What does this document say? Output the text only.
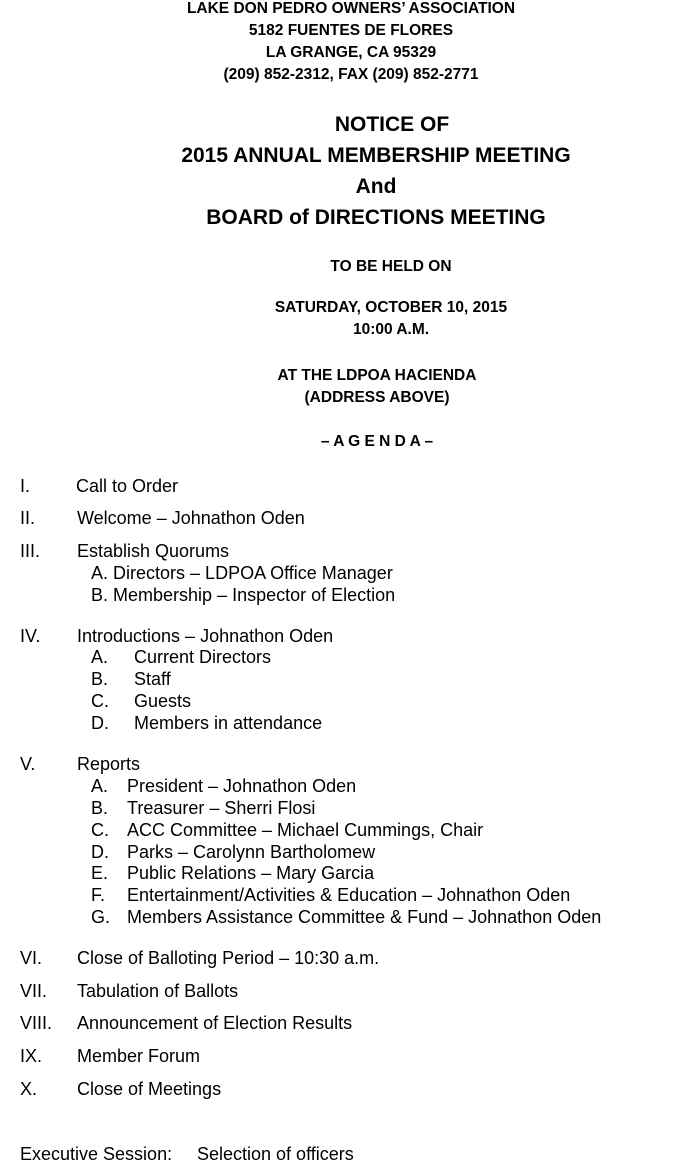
LAKE DON PEDRO OWNERS’ ASSOCIATION
5182 FUENTES DE FLORES
LA GRANGE, CA 95329
(209) 852-2312, FAX (209) 852-2771
NOTICE OF
2015 ANNUAL MEMBERSHIP MEETING
And
BOARD of DIRECTIONS MEETING
TO BE HELD ON
SATURDAY, OCTOBER 10, 2015
10:00 A.M.
AT THE LDPOA HACIENDA
(ADDRESS ABOVE)
– A G E N D A –
I.	Call to Order
II. Welcome – Johnathon Oden
III. Establish Quorums
A. Directors – LDPOA Office Manager
B. Membership – Inspector of Election
IV. Introductions – Johnathon Oden
A. Current Directors
B. Staff
C. Guests
D. Members in attendance
V. Reports
A. President – Johnathon Oden
B. Treasurer – Sherri Flosi
C. ACC Committee – Michael Cummings, Chair
D. Parks – Carolynn Bartholomew
E. Public Relations – Mary Garcia
F. Entertainment/Activities & Education – Johnathon Oden
G. Members Assistance Committee & Fund – Johnathon Oden
VI. Close of Balloting Period – 10:30 a.m.
VII. Tabulation of Ballots
VIII. Announcement of Election Results
IX. Member Forum
X. Close of Meetings
Executive Session: Selection of officers
